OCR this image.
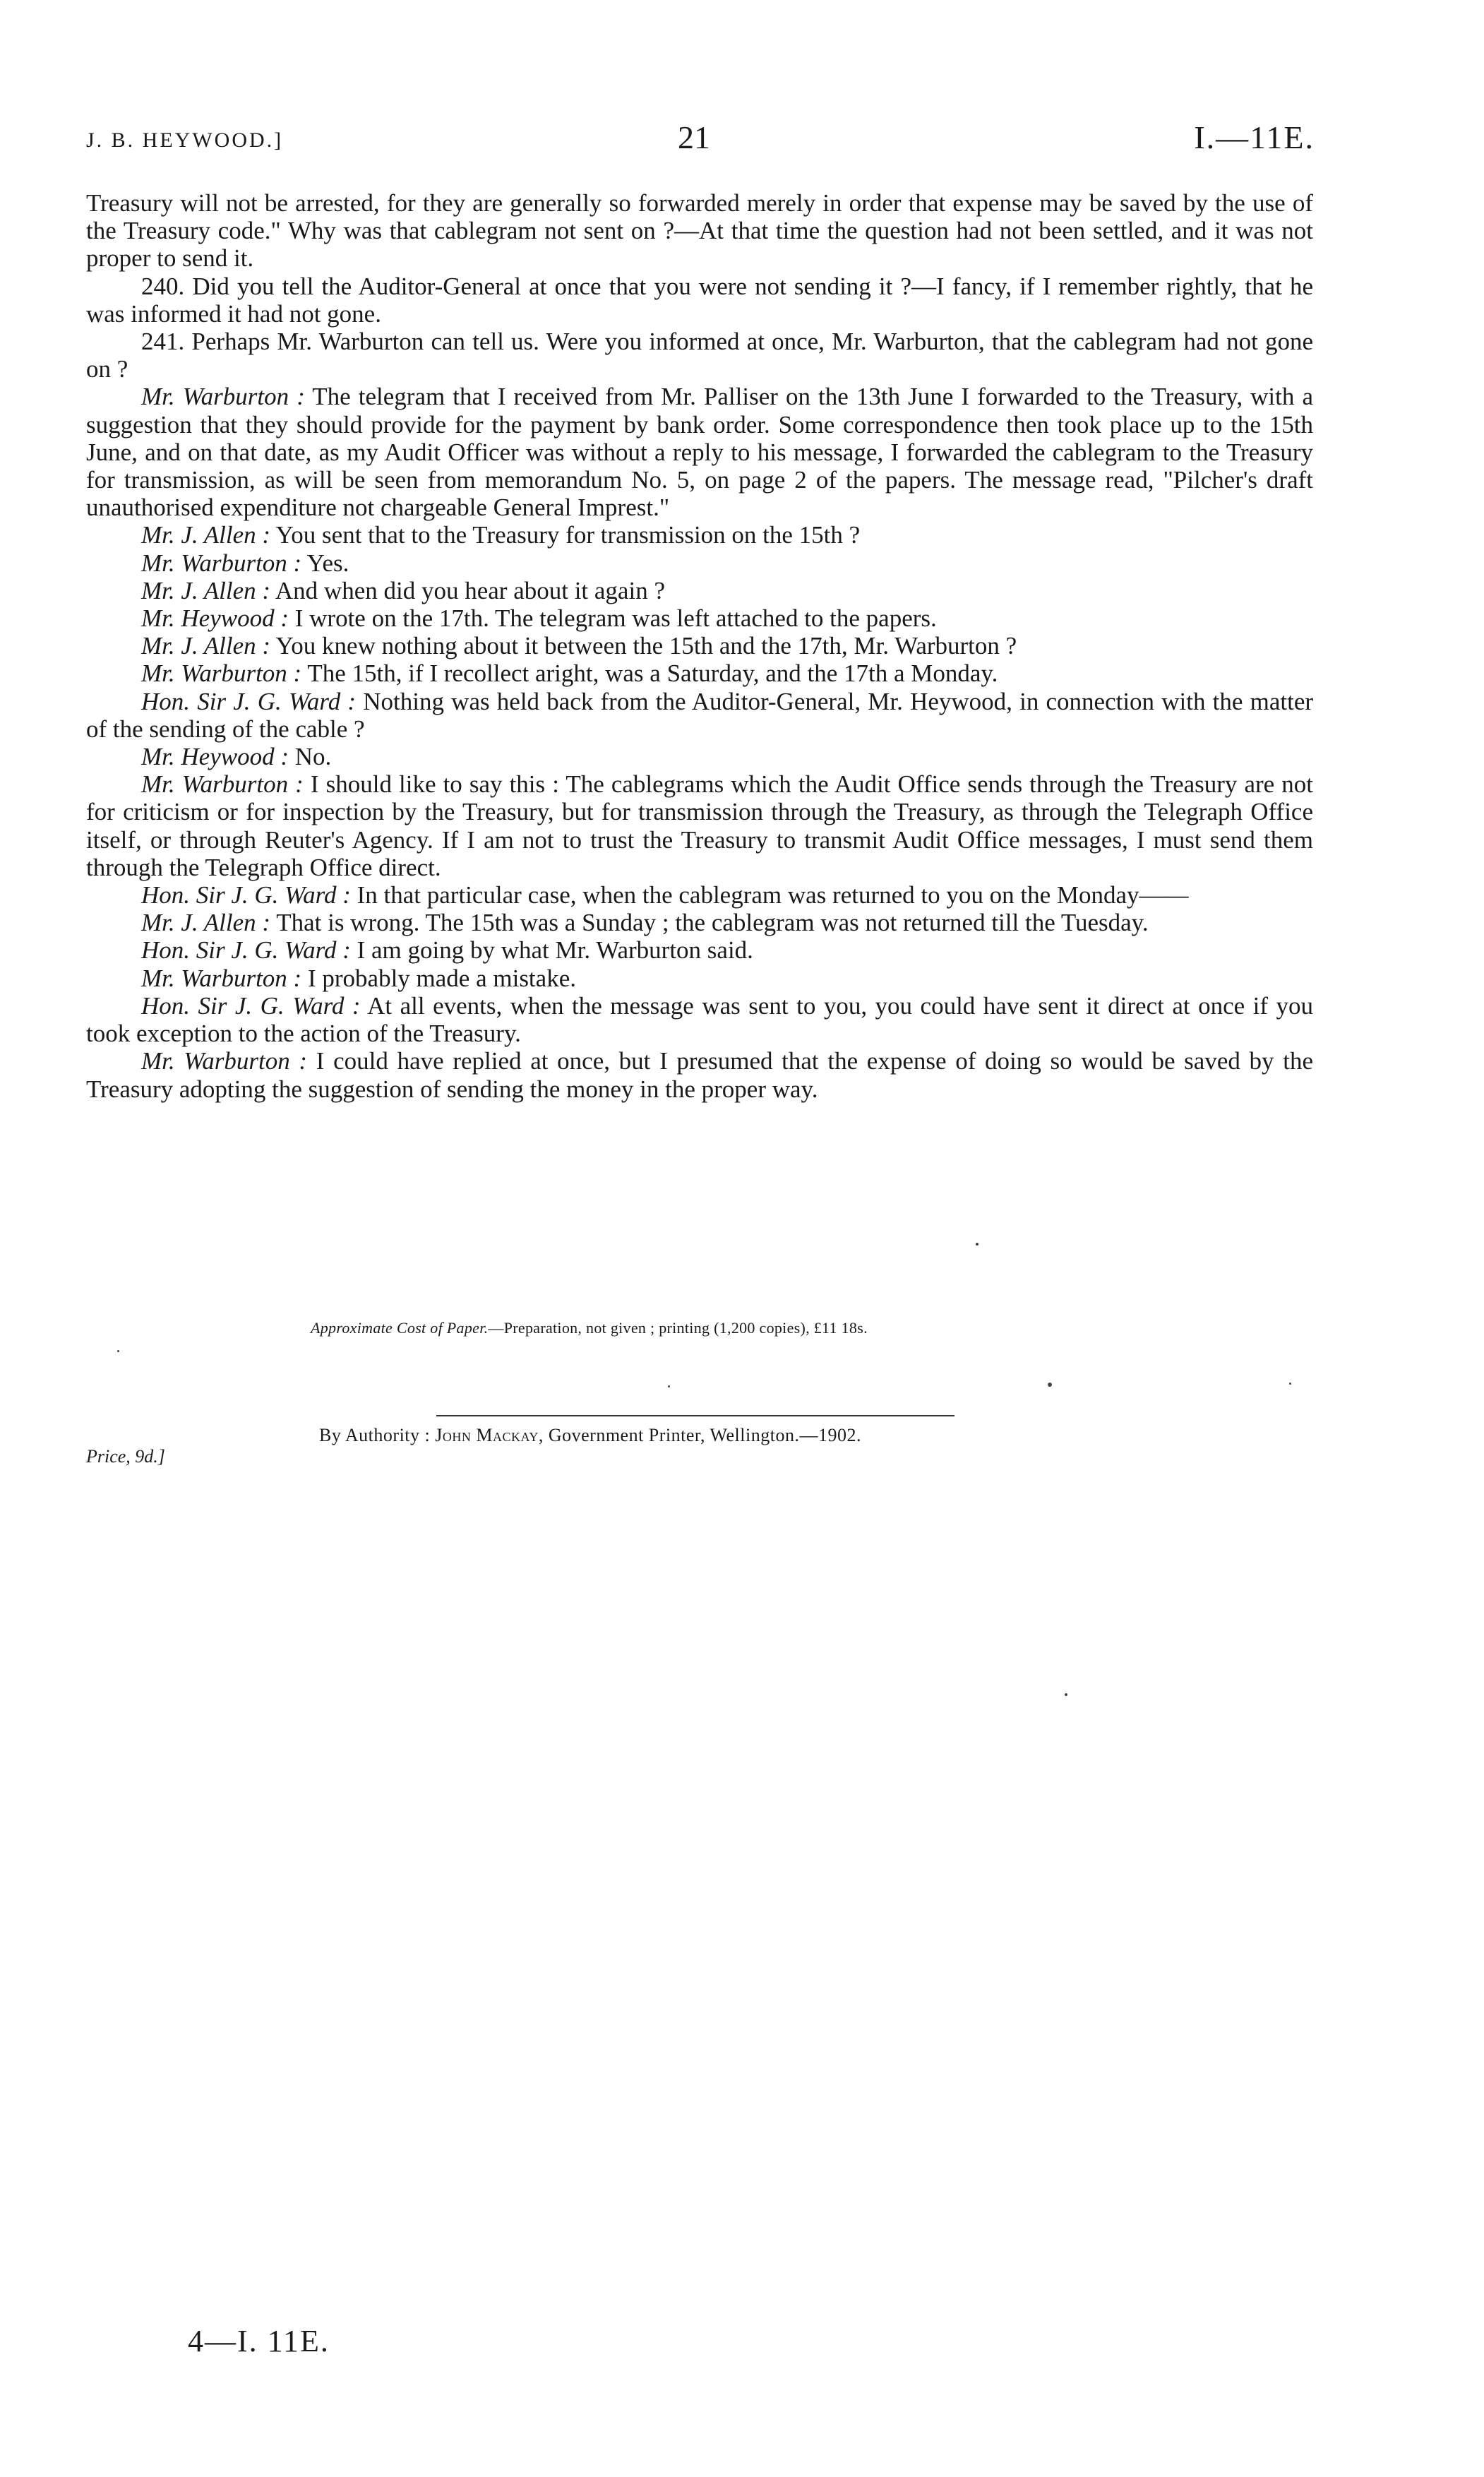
J. B. HEYWOOD.]	21	I.—11E.

Treasury will not be arrested, for they are generally so forwarded merely in order that expense may be saved by the use of the Treasury code." Why was that cablegram not sent on ?—At that time the question had not been settled, and it was not proper to send it.

240. Did you tell the Auditor-General at once that you were not sending it ?—I fancy, if I remember rightly, that he was informed it had not gone.

241. Perhaps Mr. Warburton can tell us. Were you informed at once, Mr. Warburton, that the cablegram had not gone on ?

Mr. Warburton : The telegram that I received from Mr. Palliser on the 13th June I forwarded to the Treasury, with a suggestion that they should provide for the payment by bank order. Some correspondence then took place up to the 15th June, and on that date, as my Audit Officer was without a reply to his message, I forwarded the cablegram to the Treasury for transmission, as will be seen from memorandum No. 5, on page 2 of the papers. The message read, "Pilcher's draft unauthorised expenditure not chargeable General Imprest."

Mr. J. Allen : You sent that to the Treasury for transmission on the 15th ?

Mr. Warburton : Yes.

Mr. J. Allen : And when did you hear about it again ?

Mr. Heywood : I wrote on the 17th. The telegram was left attached to the papers.

Mr. J. Allen : You knew nothing about it between the 15th and the 17th, Mr. Warburton ?

Mr. Warburton : The 15th, if I recollect aright, was a Saturday, and the 17th a Monday.

Hon. Sir J. G. Ward : Nothing was held back from the Auditor-General, Mr. Heywood, in connection with the matter of the sending of the cable ?

Mr. Heywood : No.

Mr. Warburton : I should like to say this : The cablegrams which the Audit Office sends through the Treasury are not for criticism or for inspection by the Treasury, but for transmission through the Treasury, as through the Telegraph Office itself, or through Reuter's Agency. If I am not to trust the Treasury to transmit Audit Office messages, I must send them through the Telegraph Office direct.

Hon. Sir J. G. Ward : In that particular case, when the cablegram was returned to you on the Monday——

Mr. J. Allen : That is wrong. The 15th was a Sunday ; the cablegram was not returned till the Tuesday.

Hon. Sir J. G. Ward : I am going by what Mr. Warburton said.

Mr. Warburton : I probably made a mistake.

Hon. Sir J. G. Ward : At all events, when the message was sent to you, you could have sent it direct at once if you took exception to the action of the Treasury.

Mr. Warburton : I could have replied at once, but I presumed that the expense of doing so would be saved by the Treasury adopting the suggestion of sending the money in the proper way.

Approximate Cost of Paper.—Preparation, not given ; printing (1,200 copies), £11 18s.
By Authority : John Mackay, Government Printer, Wellington.—1902.
Price, 9d.]
4—I. 11E.
